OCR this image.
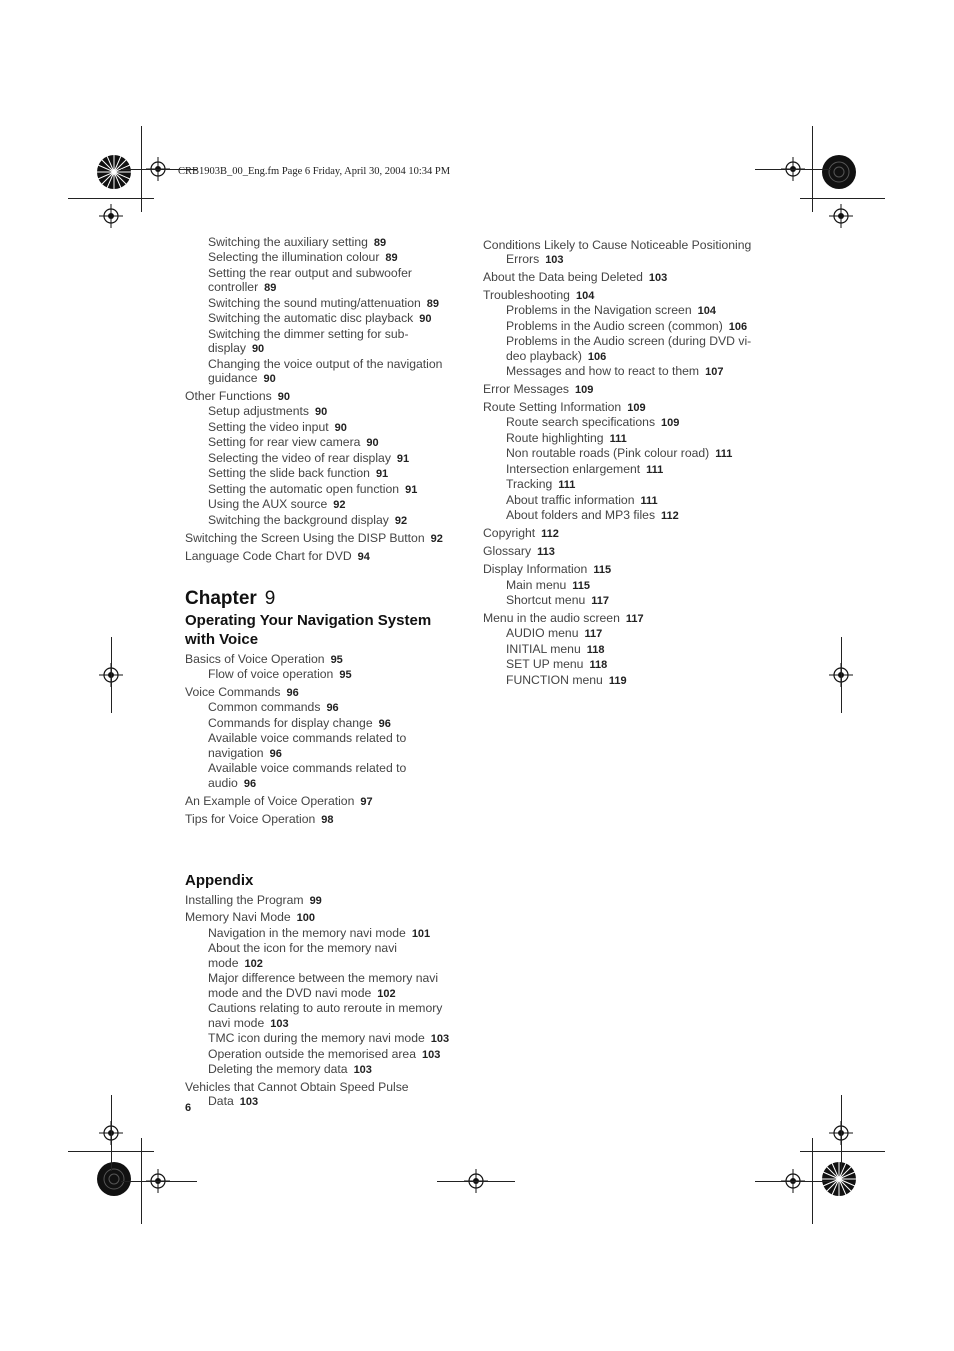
CRB1903B_00_Eng.fm Page 6 Friday, April 30, 2004 10:34 PM
Switching the auxiliary setting 89
Selecting the illumination colour 89
Setting the rear output and subwoofer
controller 89
Switching the sound muting/attenuation 89
Switching the automatic disc playback 90
Switching the dimmer setting for sub-
display 90
Changing the voice output of the navigation
guidance 90
Other Functions 90
Setup adjustments 90
Setting the video input 90
Setting for rear view camera 90
Selecting the video of rear display 91
Setting the slide back function 91
Setting the automatic open function 91
Using the AUX source 92
Switching the background display 92
Switching the Screen Using the DISP Button 92
Language Code Chart for DVD 94
Chapter 9
Operating Your Navigation System
with Voice
Basics of Voice Operation 95
Flow of voice operation 95
Voice Commands 96
Common commands 96
Commands for display change 96
Available voice commands related to
navigation 96
Available voice commands related to
audio 96
An Example of Voice Operation 97
Tips for Voice Operation 98
Appendix
Installing the Program 99
Memory Navi Mode 100
Navigation in the memory navi mode 101
About the icon for the memory navi
mode 102
Major difference between the memory navi
mode and the DVD navi mode 102
Cautions relating to auto reroute in memory
navi mode 103
TMC icon during the memory navi mode 103
Operation outside the memorised area 103
Deleting the memory data 103
Vehicles that Cannot Obtain Speed Pulse
Data 103
Conditions Likely to Cause Noticeable Positioning
Errors 103
About the Data being Deleted 103
Troubleshooting 104
Problems in the Navigation screen 104
Problems in the Audio screen (common) 106
Problems in the Audio screen (during DVD vi-
deo playback) 106
Messages and how to react to them 107
Error Messages 109
Route Setting Information 109
Route search specifications 109
Route highlighting 111
Non routable roads (Pink colour road) 111
Intersection enlargement 111
Tracking 111
About traffic information 111
About folders and MP3 files 112
Copyright 112
Glossary 113
Display Information 115
Main menu 115
Shortcut menu 117
Menu in the audio screen 117
AUDIO menu 117
INITIAL menu 118
SET UP menu 118
FUNCTION menu 119
6
